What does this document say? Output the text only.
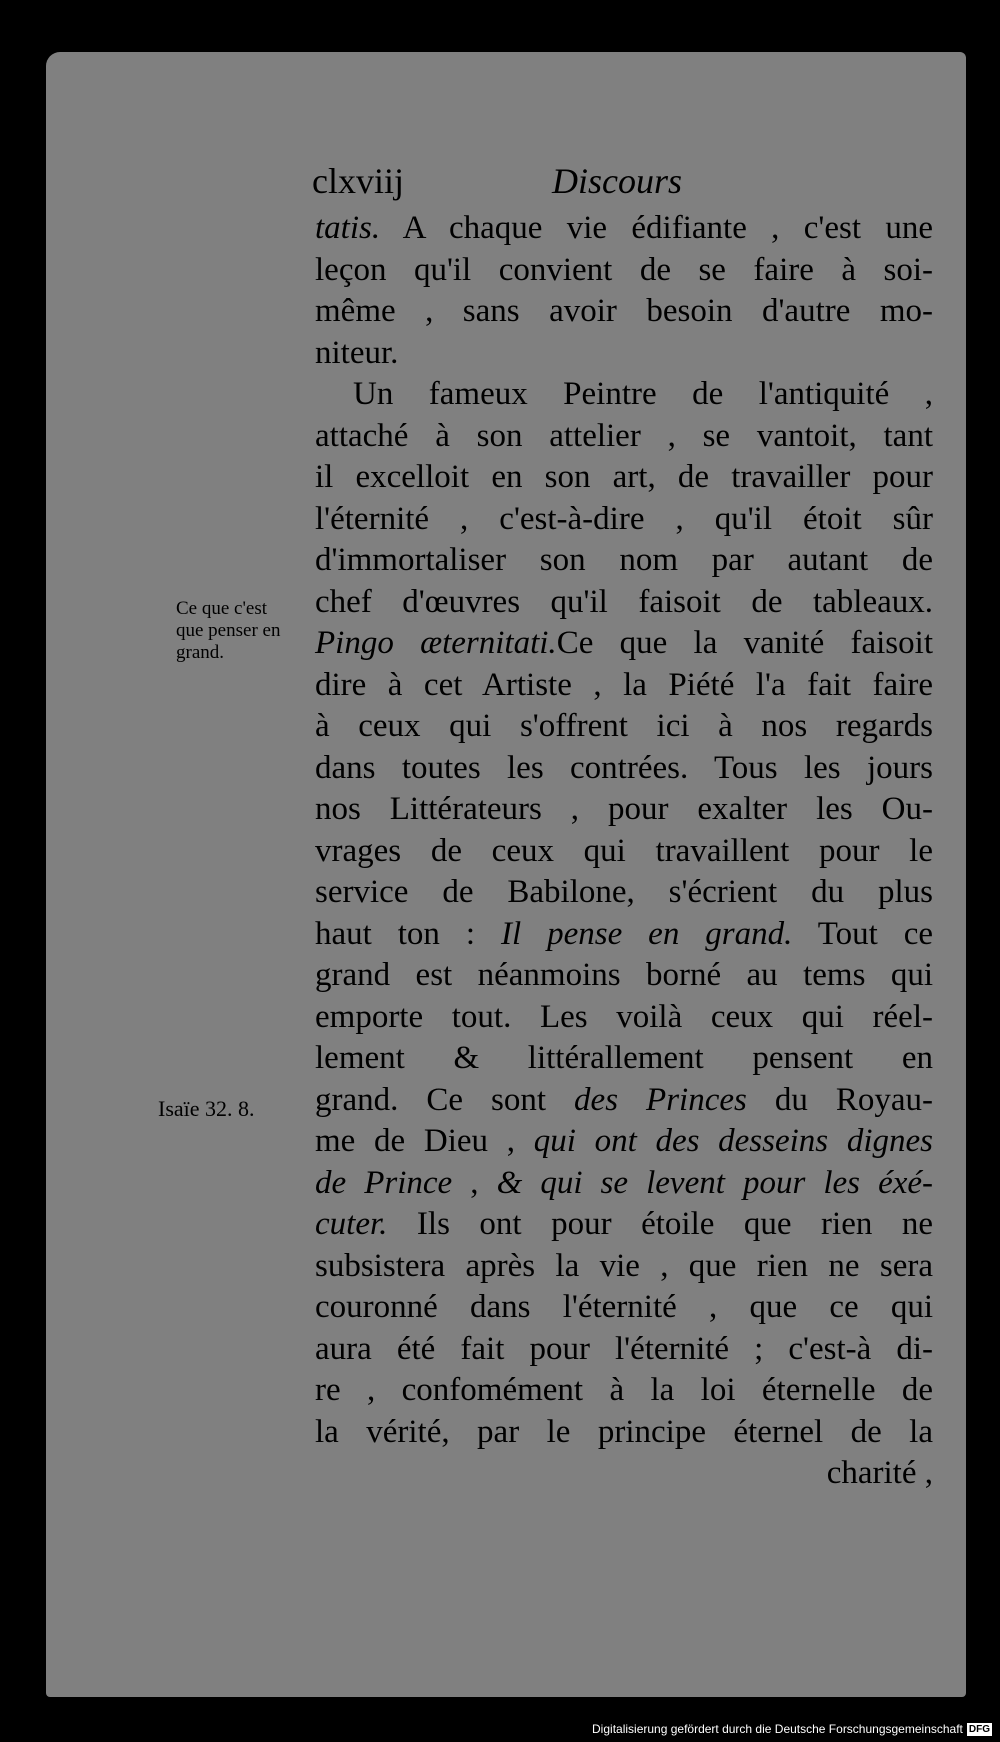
clxviij	Discours
Ce que c'est
que penser en
grand.
Isaïe 32. 8.
tatis. A chaque vie édifiante , c'est une
leçon qu'il convient de se faire à soi-
même , sans avoir besoin d'autre mo-
niteur.
Un fameux Peintre de l'antiquité ,
attaché à son attelier , se vantoit, tant
il excelloit en son art, de travailler pour
l'éternité , c'est-à-dire , qu'il étoit sûr
d'immortaliser son nom par autant de
chef d'œuvres qu'il faisoit de tableaux.
Pingo æternitati.Ce que la vanité faisoit
dire à cet Artiste , la Piété l'a fait faire
à ceux qui s'offrent ici à nos regards
dans toutes les contrées. Tous les jours
nos Littérateurs , pour exalter les Ou-
vrages de ceux qui travaillent pour le
service de Babilone, s'écrient du plus
haut ton : Il pense en grand. Tout ce
grand est néanmoins borné au tems qui
emporte tout. Les voilà ceux qui réel-
lement & littérallement pensent en
grand. Ce sont des Princes du Royau-
me de Dieu , qui ont des desseins dignes
de Prince , & qui se levent pour les éxé-
cuter. Ils ont pour étoile que rien ne
subsistera après la vie , que rien ne sera
couronné dans l'éternité , que ce qui
aura été fait pour l'éternité ; c'est-à di-
re , confomément à la loi éternelle de
la vérité, par le principe éternel de la
charité ,
Digitalisierung gefördert durch die Deutsche Forschungsgemeinschaft DFG
